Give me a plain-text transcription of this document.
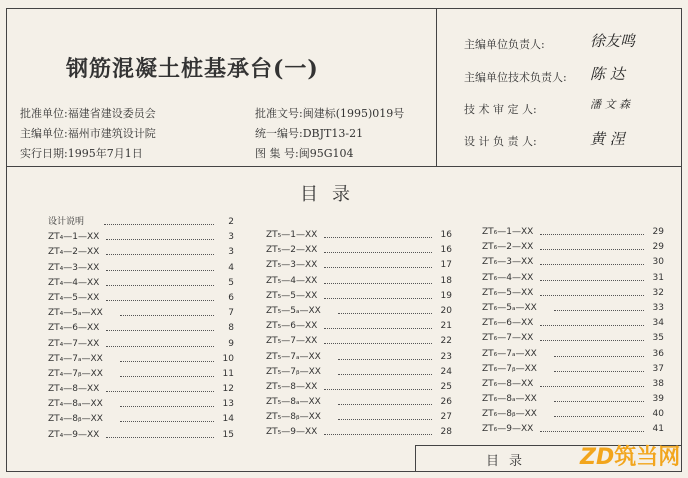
钢筋混凝土桩基承台(一)
批准单位:福建省建设委员会
主编单位:福州市建筑设计院
实行日期:1995年7月1日
批准文号:闽建标(1995)019号
统一编号:DBJT13-21
图 集 号:闽95G104
主编单位负责人:	徐友鸣
主编单位技术负责人: 陈 达
技 术 审 定 人:	潘 文 森
设 计 负 责 人:	黄 涅
目录
设计说明	2
ZT₄—1—XX	3
ZT₄—2—XX	3
ZT₄—3—XX	4
ZT₄—4—XX	5
ZT₄—5—XX	6
ZT₄—5ₐ—XX	7
ZT₄—6—XX	8
ZT₄—7—XX	9
ZT₄—7ₐ—XX	10
ZT₄—7ᵦ—XX	11
ZT₄—8—XX	12
ZT₄—8ₐ—XX	13
ZT₄—8ᵦ—XX	14
ZT₄—9—XX	15
ZT₅—1—XX	16
ZT₅—2—XX	16
ZT₅—3—XX	17
ZT₅—4—XX	18
ZT₅—5—XX	19
ZT₅—5ₐ—XX	20
ZT₅—6—XX	21
ZT₅—7—XX	22
ZT₅—7ₐ—XX	23
ZT₅—7ᵦ—XX	24
ZT₅—8—XX	25
ZT₅—8ₐ—XX	26
ZT₅—8ᵦ—XX	27
ZT₅—9—XX	28
ZT₆—1—XX	29
ZT₆—2—XX	29
ZT₆—3—XX	30
ZT₆—4—XX	31
ZT₆—5—XX	32
ZT₆—5ₐ—XX	33
ZT₆—6—XX	34
ZT₆—7—XX	35
ZT₆—7ₐ—XX	36
ZT₆—7ᵦ—XX	37
ZT₆—8—XX	38
ZT₆—8ₐ—XX	39
ZT₆—8ᵦ—XX	40
ZT₆—9—XX	41
目录 ZD筑当网
